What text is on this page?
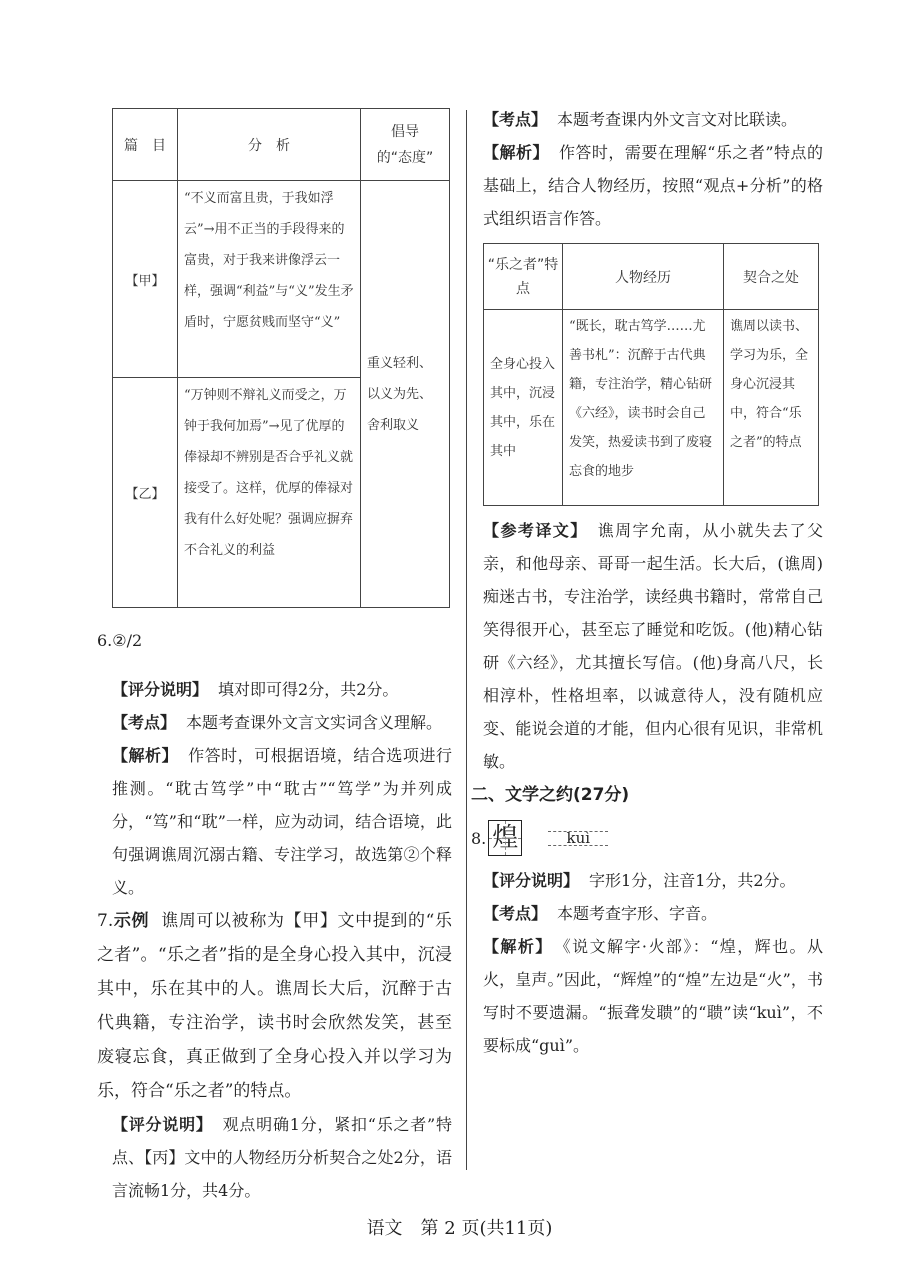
篇　目	分　析	倡导的“态度”
【甲】	“不义而富且贵，于我如浮云”→用不正当的手段得来的富贵，对于我来讲像浮云一样，强调“利益”与“义”发生矛盾时，宁愿贫贱而坚守“义”	重义轻利、以义为先、舍利取义
【乙】	“万钟则不辩礼义而受之，万钟于我何加焉”→见了优厚的俸禄却不辨别是否合乎礼义就接受了。这样，优厚的俸禄对我有什么好处呢？强调应摒弃不合礼义的利益	

6.②/2

【评分说明】 填对即可得2分，共2分。

【考点】 本题考查课外文言文实词含义理解。

【解析】 作答时，可根据语境，结合选项进行推测。“耽古笃学”中“耽古”“笃学”为并列成分，“笃”和“耽”一样，应为动词，结合语境，此句强调谯周沉溺古籍、专注学习，故选第②个释义。

7.示例 谯周可以被称为【甲】文中提到的“乐之者”。“乐之者”指的是全身心投入其中，沉浸其中，乐在其中的人。谯周长大后，沉醉于古代典籍，专注治学，读书时会欣然发笑，甚至废寝忘食，真正做到了全身心投入并以学习为乐，符合“乐之者”的特点。

【评分说明】 观点明确1分，紧扣“乐之者”特点、【丙】文中的人物经历分析契合之处2分，语言流畅1分，共4分。

【考点】 本题考查课内外文言文对比联读。

【解析】 作答时，需要在理解“乐之者”特点的基础上，结合人物经历，按照“观点+分析”的格式组织语言作答。

“乐之者”特点	人物经历	契合之处
全身心投入其中，沉浸其中，乐在其中	“既长，耽古笃学……尤善书札”：沉醉于古代典籍，专注治学，精心钻研《六经》，读书时会自己发笑，热爱读书到了废寝忘食的地步	谯周以读书、学习为乐，全身心沉浸其中，符合“乐之者”的特点

【参考译文】 谯周字允南，从小就失去了父亲，和他母亲、哥哥一起生活。长大后，(谯周)痴迷古书，专注治学，读经典书籍时，常常自己笑得很开心，甚至忘了睡觉和吃饭。(他)精心钻研《六经》，尤其擅长写信。(他)身高八尺，长相淳朴，性格坦率，以诚意待人，没有随机应变、能说会道的才能，但内心很有见识，非常机敏。

二、文学之约(27分)
8. 煌	kuì

【评分说明】 字形1分，注音1分，共2分。

【考点】 本题考查字形、字音。

【解析】 《说文解字·火部》：“煌，辉也。从火，皇声。”因此，“辉煌”的“煌”左边是“火”，书写时不要遗漏。“振聋发聩”的“聩”读“kuì”，不要标成“guì”。

语文　第 2 页(共11页)
